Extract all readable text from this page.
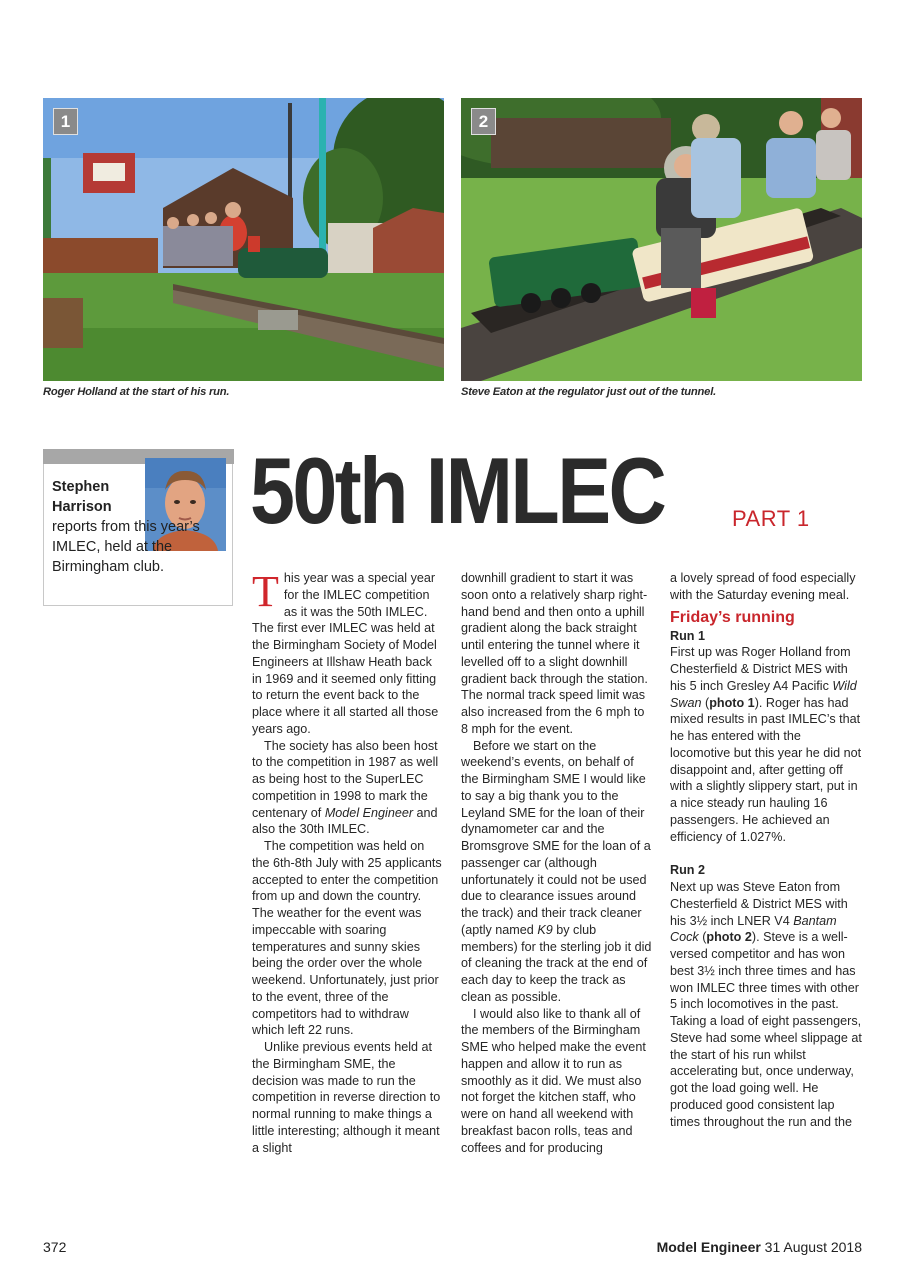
1	2
Roger Holland at the start of his run.	Steve Eaton at the regulator just out of the tunnel.
Stephen Harrison
reports from this year’s IMLEC, held at the Birmingham club.
50th IMLEC	PART 1

This year was a special year for the IMLEC competition as it was the 50th IMLEC. The first ever IMLEC was held at the Birmingham Society of Model Engineers at Illshaw Heath back in 1969 and it seemed only fitting to return the event back to the place where it all started all those years ago.

The society has also been host to the competition in 1987 as well as being host to the SuperLEC competition in 1998 to mark the centenary of Model Engineer and also the 30th IMLEC.

The competition was held on the 6th-8th July with 25 applicants accepted to enter the competition from up and down the country. The weather for the event was impeccable with soaring temperatures and sunny skies being the order over the whole weekend. Unfortunately, just prior to the event, three of the competitors had to withdraw which left 22 runs.

Unlike previous events held at the Birmingham SME, the decision was made to run the competition in reverse direction to normal running to make things a little interesting; although it meant a slight

downhill gradient to start it was soon onto a relatively sharp right-hand bend and then onto a uphill gradient along the back straight until entering the tunnel where it levelled off to a slight downhill gradient back through the station. The normal track speed limit was also increased from the 6 mph to 8 mph for the event.

Before we start on the weekend’s events, on behalf of the Birmingham SME I would like to say a big thank you to the Leyland SME for the loan of their dynamometer car and the Bromsgrove SME for the loan of a passenger car (although unfortunately it could not be used due to clearance issues around the track) and their track cleaner (aptly named K9 by club members) for the sterling job it did of cleaning the track at the end of each day to keep the track as clean as possible.

I would also like to thank all of the members of the Birmingham SME who helped make the event happen and allow it to run as smoothly as it did. We must also not forget the kitchen staff, who were on hand all weekend with breakfast bacon rolls, teas and coffees and for producing

a lovely spread of food especially with the Saturday evening meal.

Friday’s running

Run 1

First up was Roger Holland from Chesterfield & District MES with his 5 inch Gresley A4 Pacific Wild Swan (photo 1). Roger has had mixed results in past IMLEC’s that he has entered with the locomotive but this year he did not disappoint and, after getting off with a slightly slippery start, put in a nice steady run hauling 16 passengers. He achieved an efficiency of 1.027%.

Run 2

Next up was Steve Eaton from Chesterfield & District MES with his 3½ inch LNER V4 Bantam Cock (photo 2). Steve is a well-versed competitor and has won best 3½ inch three times and has won IMLEC three times with other 5 inch locomotives in the past. Taking a load of eight passengers, Steve had some wheel slippage at the start of his run whilst accelerating but, once underway, got the load going well. He produced good consistent lap times throughout the run and the

372	Model Engineer 31 August 2018
